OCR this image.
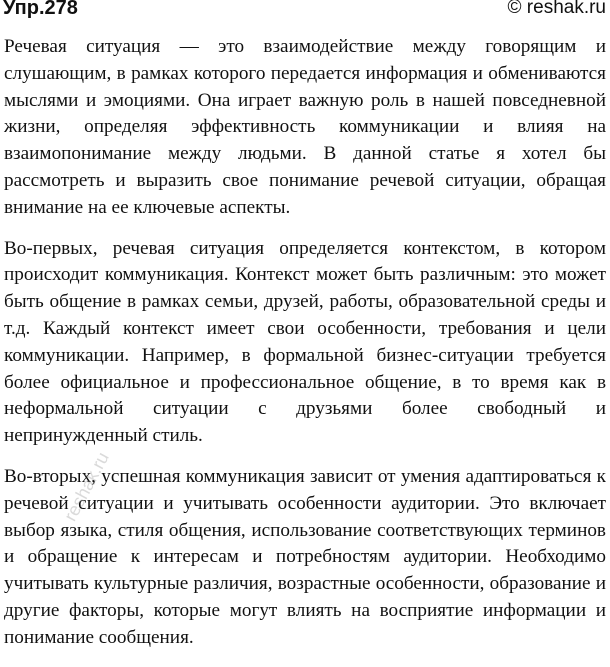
Упр.278	© reshak.ru

Речевая ситуация — это взаимодействие между говорящим и слушающим, в рамках которого передается информация и обмениваются мыслями и эмоциями. Она играет важную роль в нашей повседневной жизни, определяя эффективность коммуникации и влияя на взаимопонимание между людьми. В данной статье я хотел бы рассмотреть и выразить свое понимание речевой ситуации, обращая внимание на ее ключевые аспекты.

Во-первых, речевая ситуация определяется контекстом, в котором происходит коммуникация. Контекст может быть различным: это может быть общение в рамках семьи, друзей, работы, образовательной среды и т.д. Каждый контекст имеет свои особенности, требования и цели коммуникации. Например, в формальной бизнес-ситуации требуется более официальное и профессиональное общение, в то время как в неформальной ситуации с друзьями более свободный и непринужденный стиль.

Во-вторых, успешная коммуникация зависит от умения адаптироваться к речевой ситуации и учитывать особенности аудитории. Это включает выбор языка, стиля общения, использование соответствующих терминов и обращение к интересам и потребностям аудитории. Необходимо учитывать культурные различия, возрастные особенности, образование и другие факторы, которые могут влиять на восприятие информации и понимание сообщения.

reshak.ru
